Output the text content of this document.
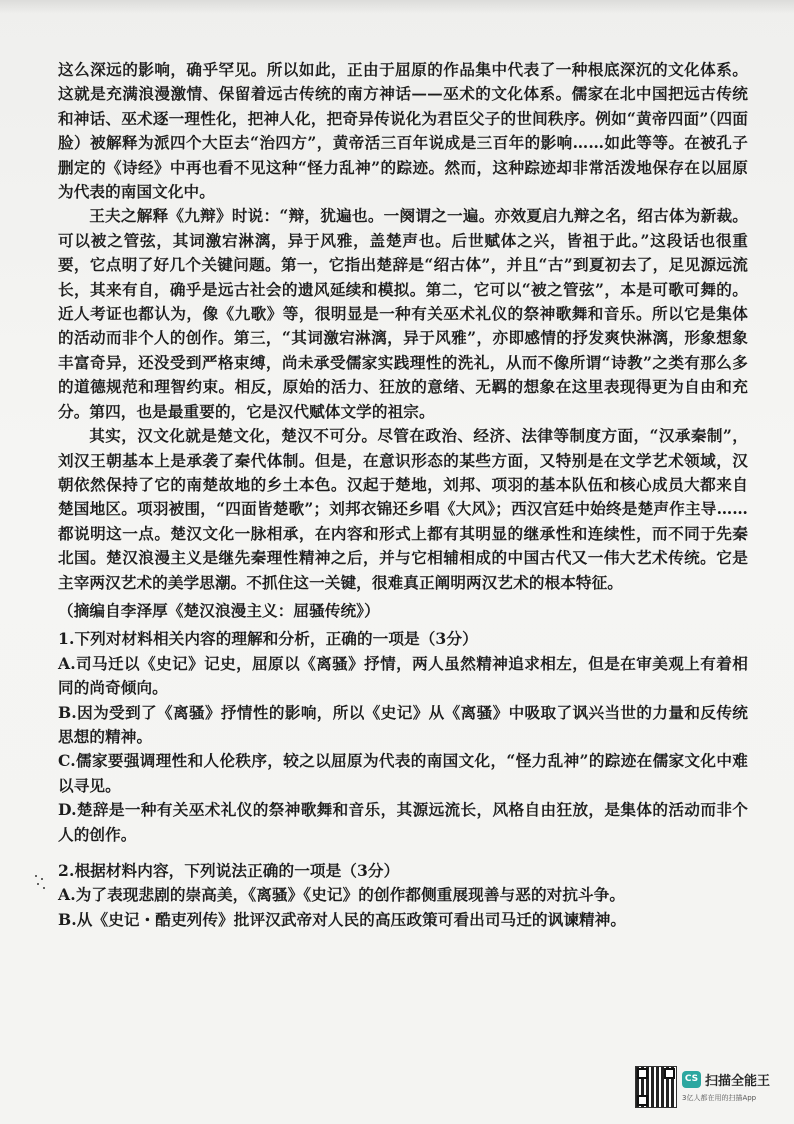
这么深远的影响，确乎罕见。所以如此，正由于屈原的作品集中代表了一种根底深沉的文化体系。这就是充满浪漫激情、保留着远古传统的南方神话——巫术的文化体系。儒家在北中国把远古传统和神话、巫术逐一理性化，把神人化，把奇异传说化为君臣父子的世间秩序。例如“黄帝四面”（四面脸）被解释为派四个大臣去“治四方”，黄帝活三百年说成是三百年的影响……如此等等。在被孔子删定的《诗经》中再也看不见这种“怪力乱神”的踪迹。然而，这种踪迹却非常活泼地保存在以屈原为代表的南国文化中。

王夫之解释《九辩》时说：“辩，犹遍也。一阕谓之一遍。亦效夏启九辩之名，绍古体为新裁。可以被之管弦，其词激宕淋漓，异于风雅，盖楚声也。后世赋体之兴，皆祖于此。”这段话也很重要，它点明了好几个关键问题。第一，它指出楚辞是“绍古体”，并且“古”到夏初去了，足见源远流长，其来有自，确乎是远古社会的遗风延续和模拟。第二，它可以“被之管弦”，本是可歌可舞的。近人考证也都认为，像《九歌》等，很明显是一种有关巫术礼仪的祭神歌舞和音乐。所以它是集体的活动而非个人的创作。第三，“其词激宕淋漓，异于风雅”，亦即感情的抒发爽快淋漓，形象想象丰富奇异，还没受到严格束缚，尚未承受儒家实践理性的洗礼，从而不像所谓“诗教”之类有那么多的道德规范和理智约束。相反，原始的活力、狂放的意绪、无羁的想象在这里表现得更为自由和充分。第四，也是最重要的，它是汉代赋体文学的祖宗。

其实，汉文化就是楚文化，楚汉不可分。尽管在政治、经济、法律等制度方面，“汉承秦制”，刘汉王朝基本上是承袭了秦代体制。但是，在意识形态的某些方面，又特别是在文学艺术领域，汉朝依然保持了它的南楚故地的乡土本色。汉起于楚地，刘邦、项羽的基本队伍和核心成员大都来自楚国地区。项羽被围，“四面皆楚歌”；刘邦衣锦还乡唱《大风》；西汉宫廷中始终是楚声作主导……都说明这一点。楚汉文化一脉相承，在内容和形式上都有其明显的继承性和连续性，而不同于先秦北国。楚汉浪漫主义是继先秦理性精神之后，并与它相辅相成的中国古代又一伟大艺术传统。它是主宰两汉艺术的美学思潮。不抓住这一关键，很难真正阐明两汉艺术的根本特征。

（摘编自李泽厚《楚汉浪漫主义：屈骚传统》）

1.下列对材料相关内容的理解和分析，正确的一项是（3分）

A.司马迁以《史记》记史，屈原以《离骚》抒情，两人虽然精神追求相左，但是在审美观上有着相同的尚奇倾向。

B.因为受到了《离骚》抒情性的影响，所以《史记》从《离骚》中吸取了讽兴当世的力量和反传统思想的精神。

C.儒家要强调理性和人伦秩序，较之以屈原为代表的南国文化，“怪力乱神”的踪迹在儒家文化中难以寻见。

D.楚辞是一种有关巫术礼仪的祭神歌舞和音乐，其源远流长，风格自由狂放，是集体的活动而非个人的创作。

2.根据材料内容，下列说法正确的一项是（3分）

A.为了表现悲剧的崇高美，《离骚》《史记》的创作都侧重展现善与恶的对抗斗争。

B.从《史记・酷吏列传》批评汉武帝对人民的高压政策可看出司马迁的讽谏精神。

CS 扫描全能王
3亿人都在用的扫描App
